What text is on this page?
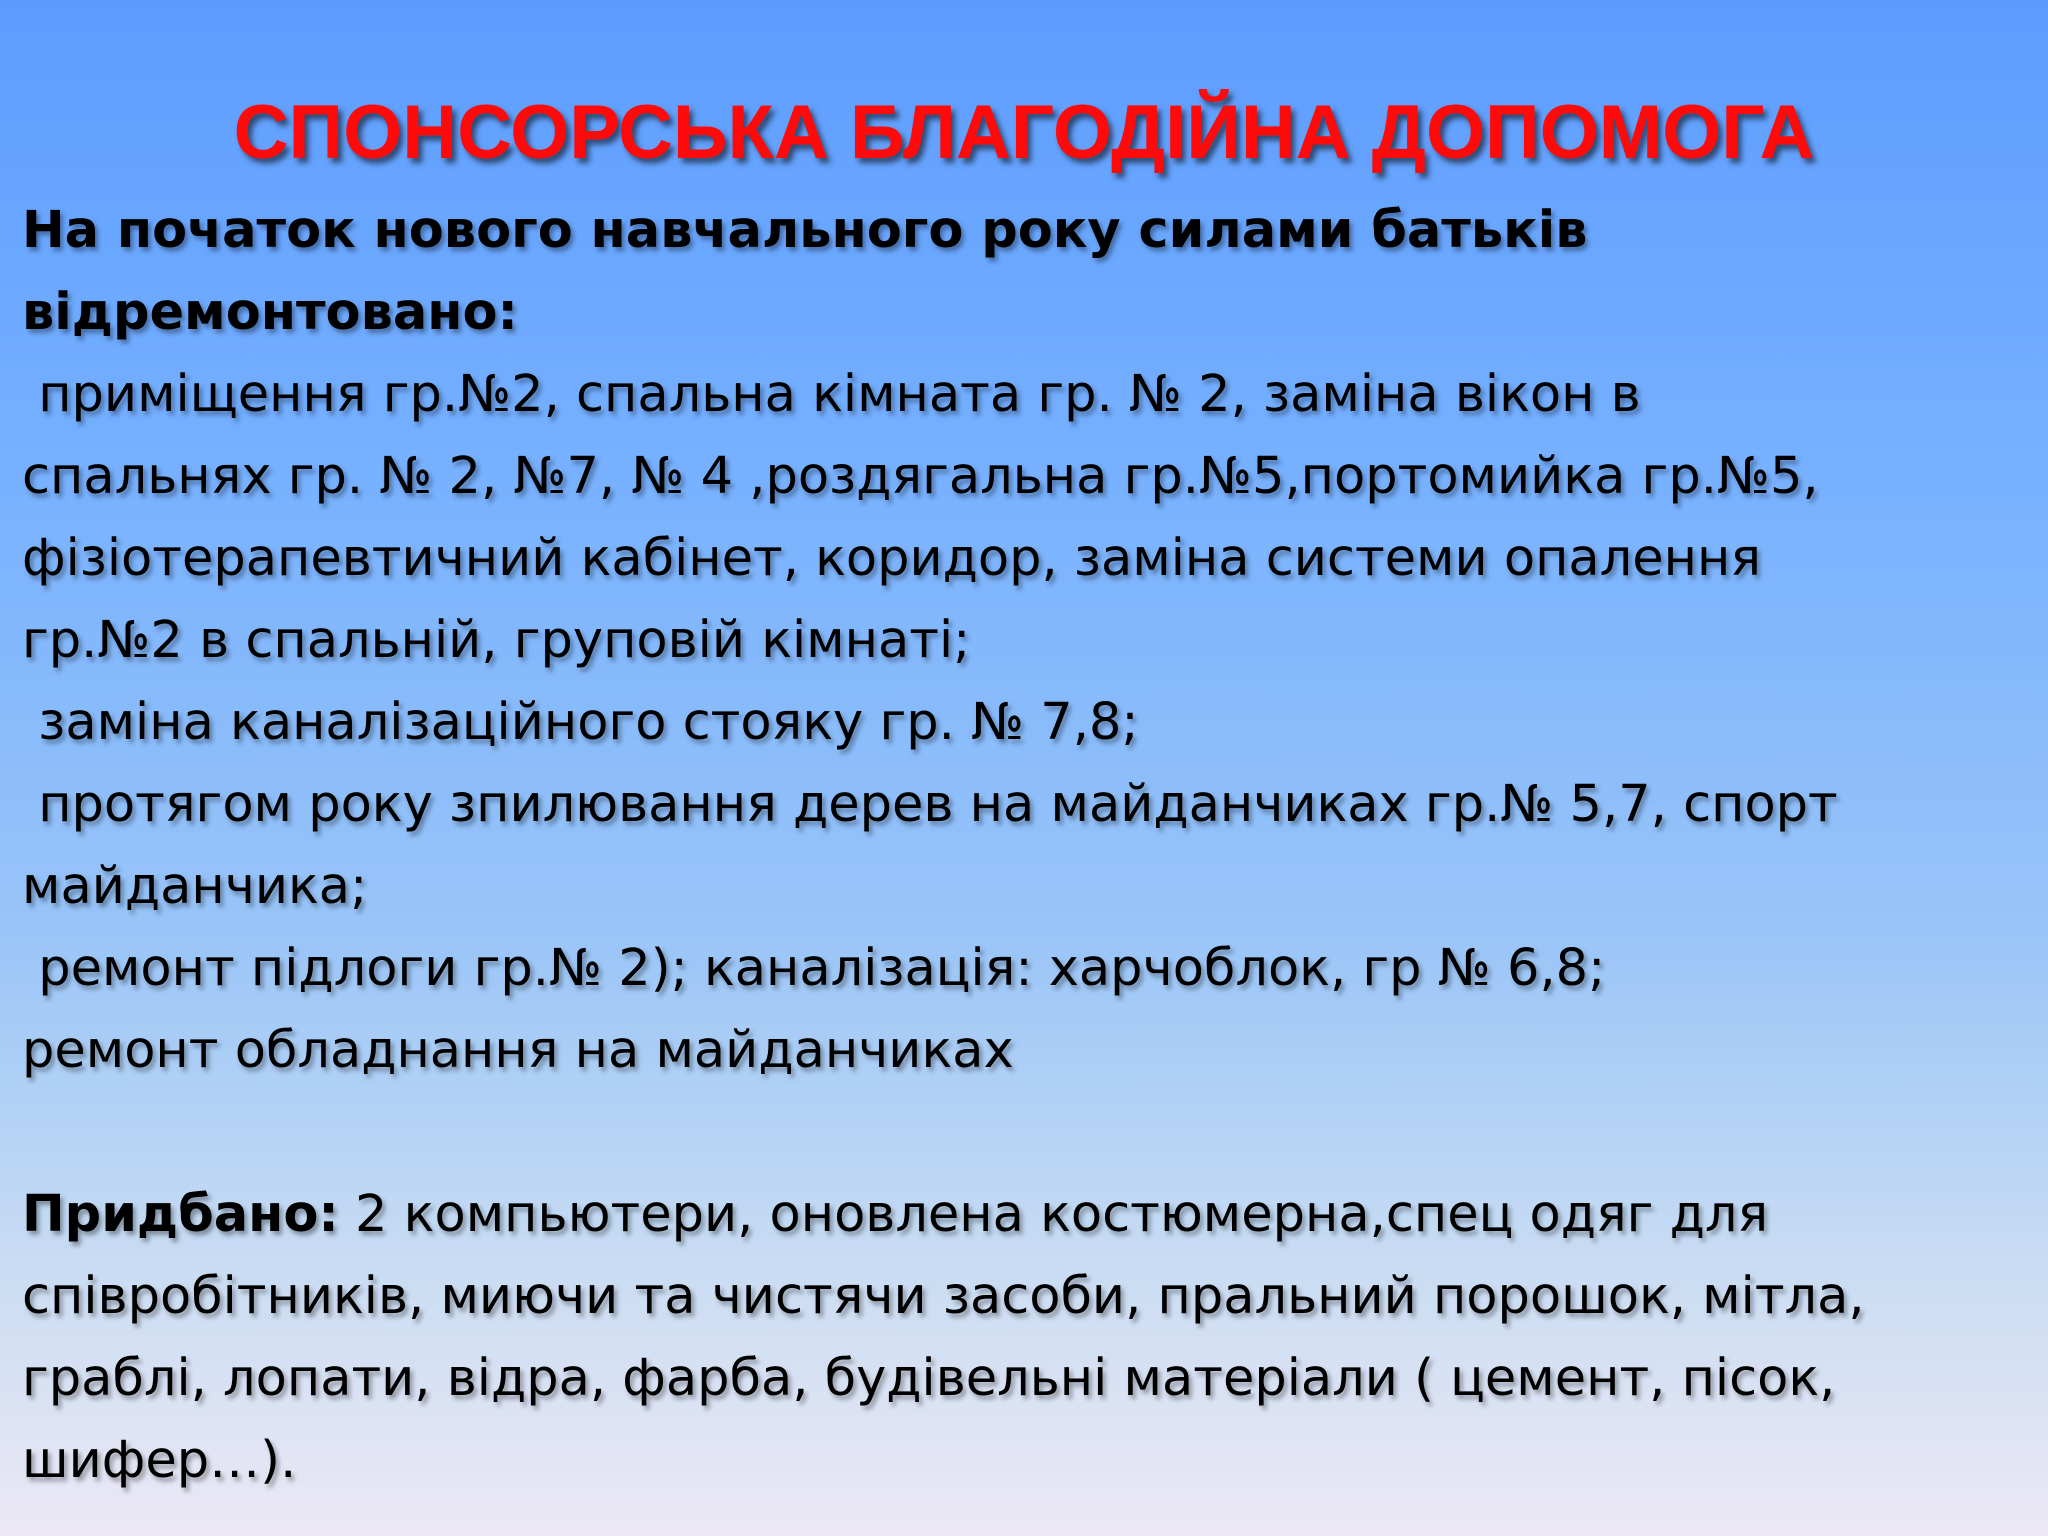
СПОНСОРСЬКА БЛАГОДІЙНА ДОПОМОГА
На початок нового навчального року силами батьків
відремонтовано:
приміщення гр.№2, спальна кімната гр. № 2, заміна вікон в
спальнях гр. № 2, №7, № 4 ,роздягальна гр.№5,портомийка гр.№5,
фізіотерапевтичний кабінет, коридор, заміна системи опалення
гр.№2 в спальній, груповій кімнаті;
заміна каналізаційного стояку гр. № 7,8;
протягом року зпилювання дерев на майданчиках гр.№ 5,7, спорт
майданчика;
ремонт підлоги гр.№ 2); каналізація: харчоблок, гр № 6,8;
ремонт обладнання на майданчиках
Придбано: 2 компьютери, оновлена костюмерна,спец одяг для
співробітників, миючи та чистячи засоби, пральний порошок, мітла,
граблі, лопати, відра, фарба, будівельні матеріали ( цемент, пісок,
шифер…).
